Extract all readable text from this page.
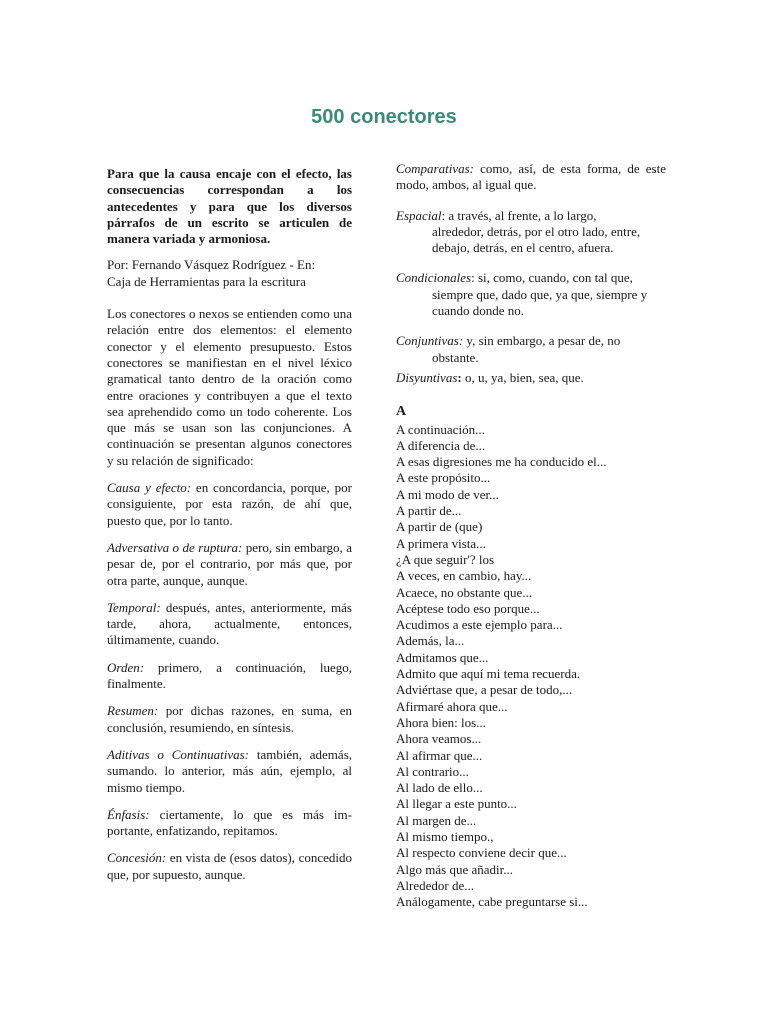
500 conectores

Para que la causa encaje con el efecto, las consecuencias correspondan a los antecedentes y para que los diversos párrafos de un escrito se articulen de manera variada y armoniosa.

Por: Fernando Vásquez Rodríguez - En:
Caja de Herramientas para la escritura

Los conectores o nexos se entienden como una relación entre dos elementos: el elemento conector y el elemento presupuesto. Estos conectores se manifiestan en el nivel léxico gramatical tanto dentro de la oración como entre oraciones y contribuyen a que el texto sea aprehendido como un todo coherente. Los que más se usan son las conjunciones. A continuación se presentan algunos conectores y su relación de significado:

Causa y efecto: en concordancia, porque, por consiguiente, por esta razón, de ahí que, puesto que, por lo tanto.

Adversativa o de ruptura: pero, sin embargo, a pesar de, por el contrario, por más que, por otra parte, aunque, aunque.

Temporal: después, antes, anteriormente, más tarde, ahora, actualmente, entonces, últimamente, cuando.

Orden: primero, a continuación, luego, finalmente.

Resumen: por dichas razones, en suma, en conclusión, resumiendo, en síntesis.

Aditivas o Continuativas: también, además, sumando. lo anterior, más aún, ejemplo, al mismo tiempo.

Énfasis: ciertamente, lo que es más im-portante, enfatizando, repitamos.

Concesión: en vista de (esos datos), concedido que, por supuesto, aunque.

Comparativas: como, así, de esta forma, de este modo, ambos, al igual que.

Espacial: a través, al frente, a lo largo,
alrededor, detrás, por el otro lado, entre, debajo, detrás, en el centro, afuera.

Condicionales: si, como, cuando, con tal que,
siempre que, dado que, ya que, siempre y cuando donde no.

Conjuntivas: y, sin embargo, a pesar de, no
obstante.

Disyuntivas: o, u, ya, bien, sea, que.

A
A continuación...
A diferencia de...
A esas digresiones me ha conducido el...
A este propósito...
A mi modo de ver...
A partir de...
A partir de (que)
A primera vista...
¿A que seguir'? los
A veces, en cambio, hay...
Acaece, no obstante que...
Acéptese todo eso porque...
Acudimos a este ejemplo para...
Además, la...
Admitamos que...
Admito que aquí mi tema recuerda.
Adviértase que, a pesar de todo,...
Afirmaré ahora que...
Ahora bien: los...
Ahora veamos...
Al afirmar que...
Al contrario...
Al lado de ello...
Al llegar a este punto...
Al margen de...
Al mismo tiempo.,
Al respecto conviene decir que...
Algo más que añadir...
Alrededor de...
Análogamente, cabe preguntarse si...
